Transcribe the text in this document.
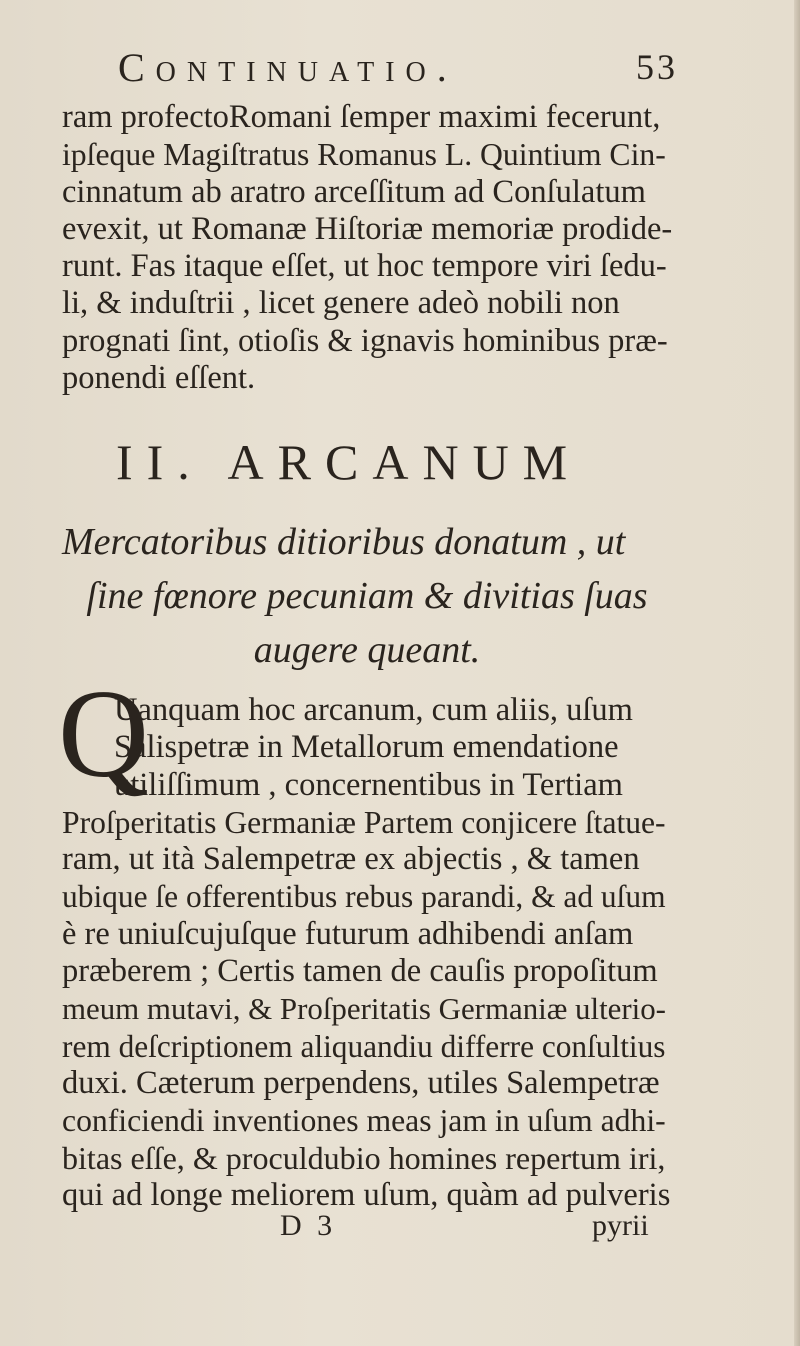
Continuatio.	53
ram profectoRomani ſemper maximi fecerunt,
ipſeque Magiſtratus Romanus L. Quintium Cin-
cinnatum ab aratro arceſſitum ad Conſulatum
evexit, ut Romanæ Hiſtoriæ memoriæ prodide-
runt. Fas itaque eſſet, ut hoc tempore viri ſedu-
li, & induſtrii , licet genere adeò nobili non
prognati ſint, otioſis & ignavis hominibus præ-
ponendi eſſent.
II. ARCANUM
Mercatoribus ditioribus donatum , ut
ſine fœnore pecuniam & divitias ſuas
augere queant.
Q
Uanquam hoc arcanum, cum aliis, uſum
Salispetræ in Metallorum emendatione
utiliſſimum , concernentibus in Tertiam
Proſperitatis Germaniæ Partem conjicere ſtatue-
ram, ut ità Salempetræ ex abjectis , & tamen
ubique ſe offerentibus rebus parandi, & ad uſum
è re uniuſcujuſque futurum adhibendi anſam
præberem ; Certis tamen de cauſis propoſitum
meum mutavi, & Proſperitatis Germaniæ ulterio-
rem deſcriptionem aliquandiu differre conſultius
duxi. Cæterum perpendens, utiles Salempetræ
conficiendi inventiones meas jam in uſum adhi-
bitas eſſe, & proculdubio homines repertum iri,
qui ad longe meliorem uſum, quàm ad pulveris
D 3	pyrii
